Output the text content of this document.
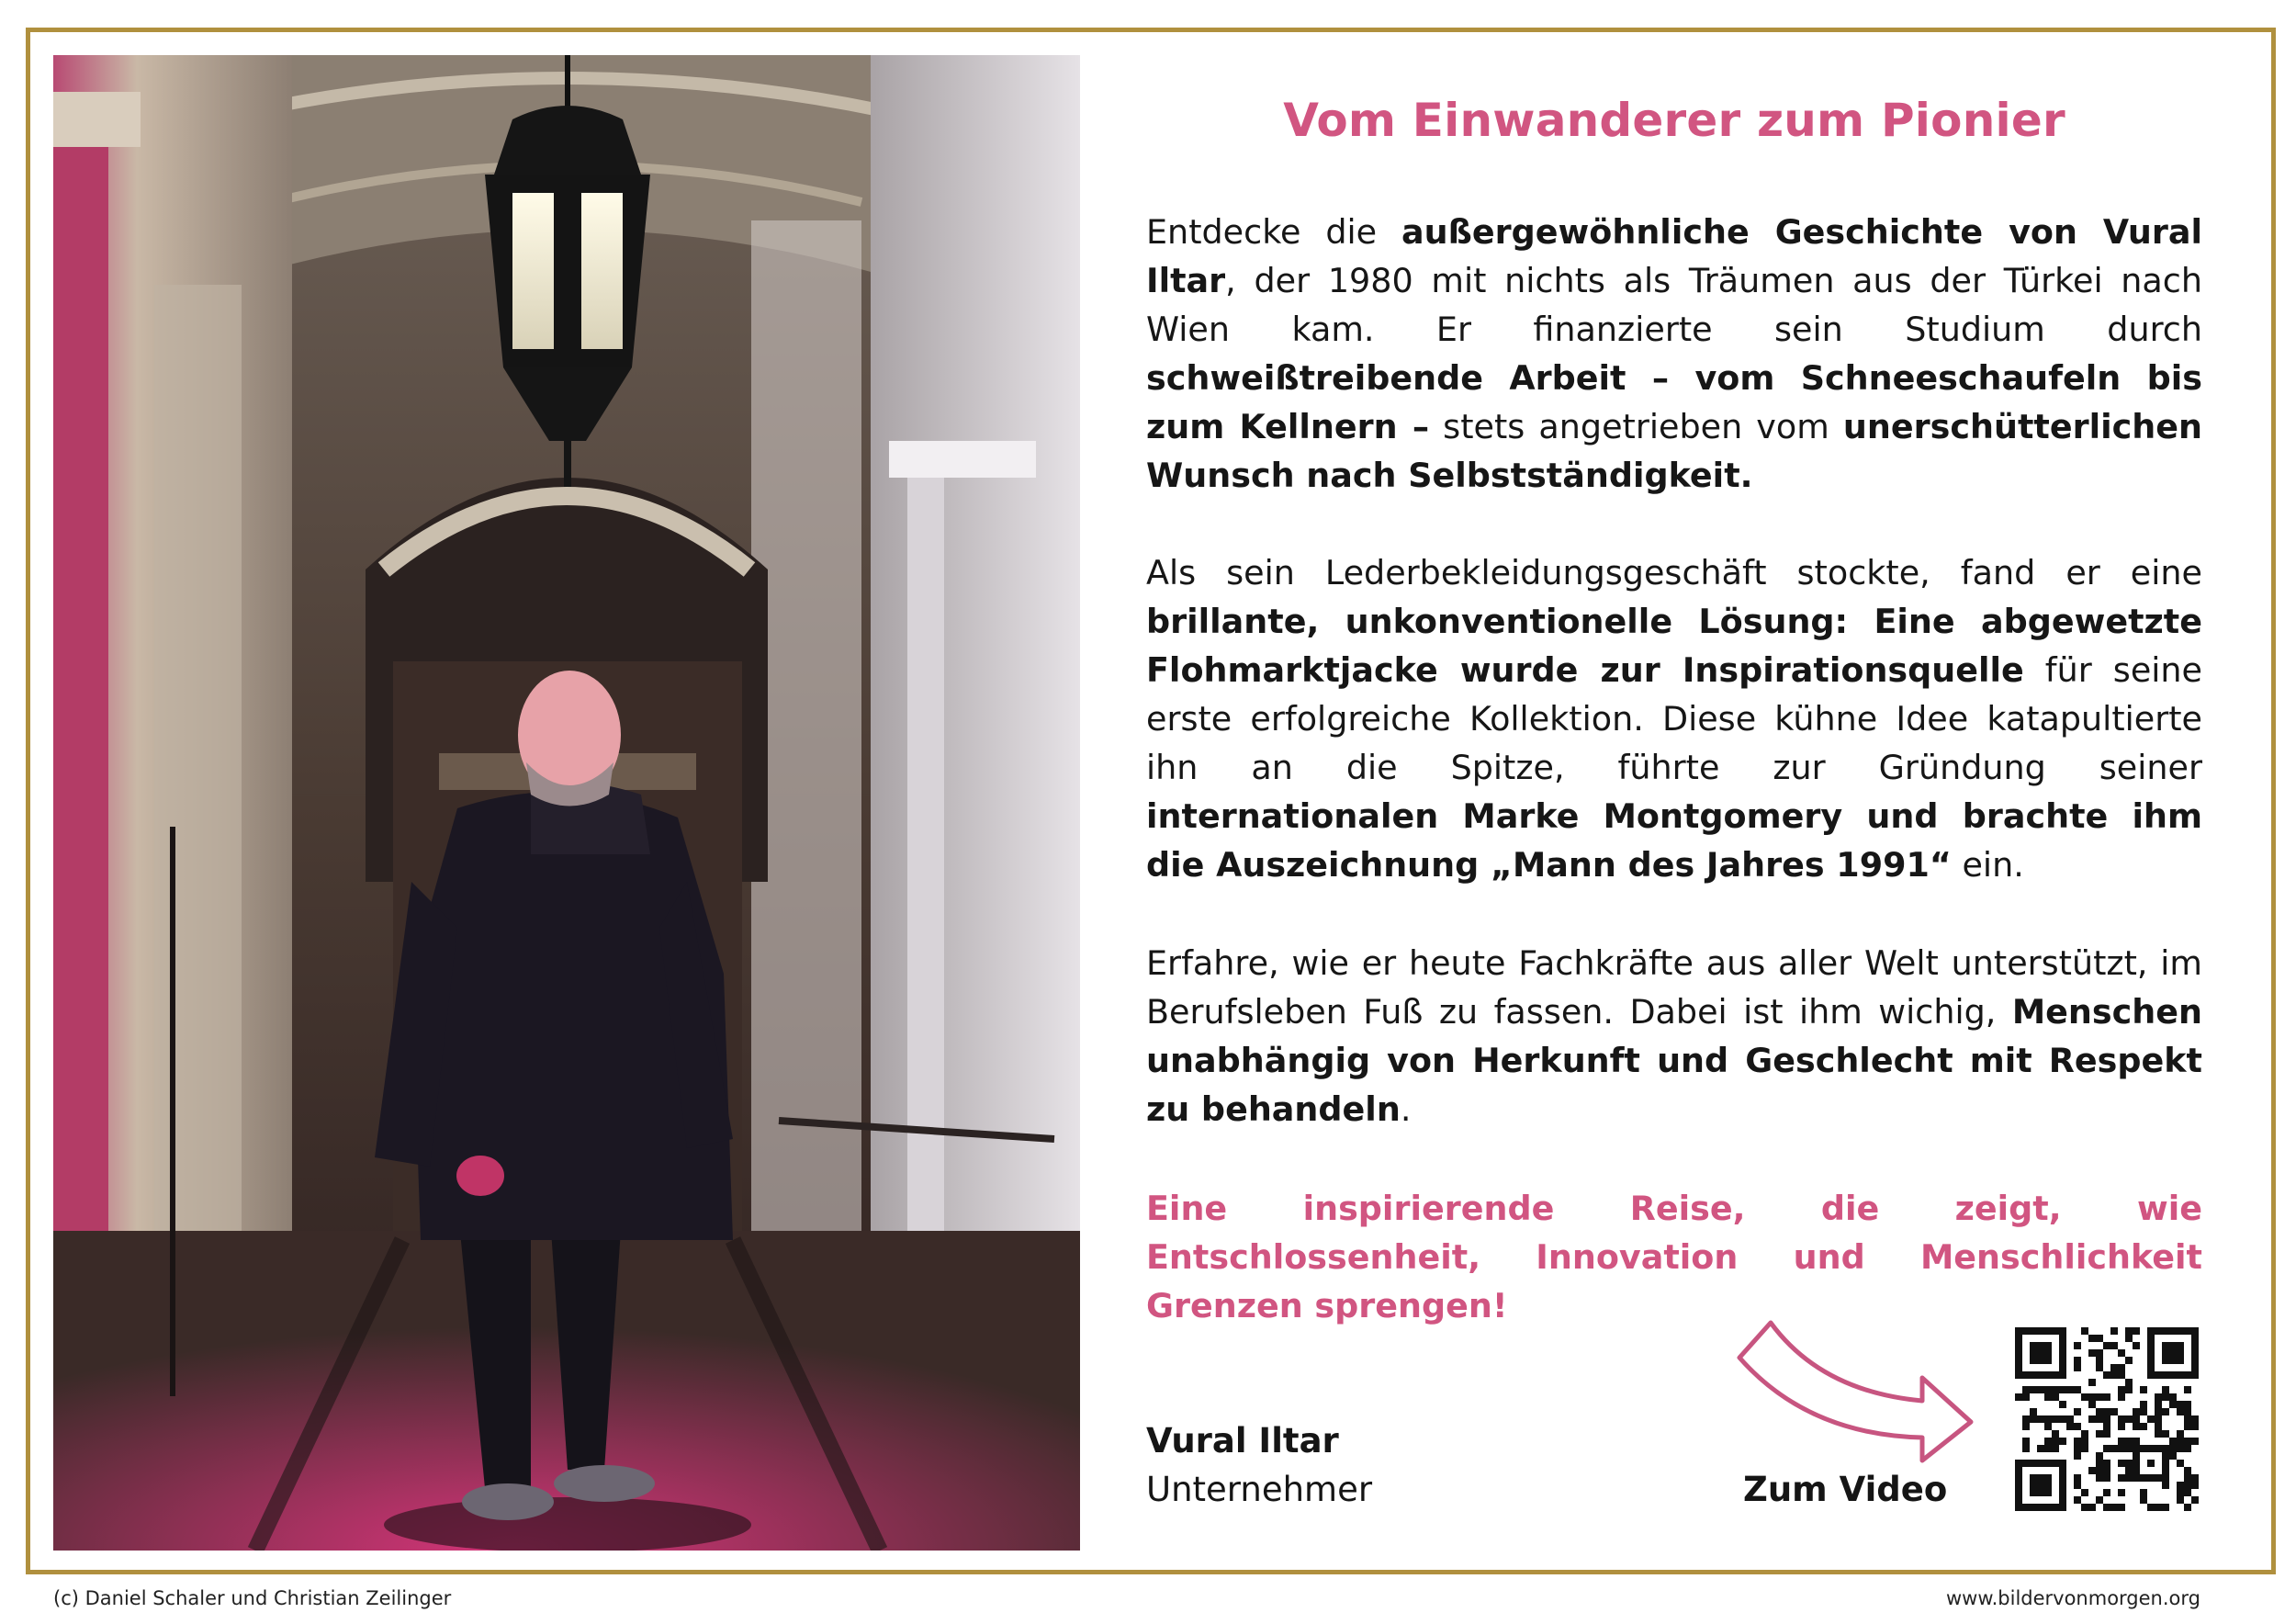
Vom Einwanderer zum Pionier

Entdecke die außergewöhnliche Geschichte von Vural Iltar, der 1980 mit nichts als Träumen aus der Türkei nach Wien kam. Er finanzierte sein Studium durch schweißtreibende Arbeit – vom Schneeschaufeln bis zum Kellnern – stets angetrieben vom unerschütterlichen Wunsch nach Selbstständigkeit.

Als sein Lederbekleidungsgeschäft stockte, fand er eine brillante, unkonventionelle Lösung: Eine abgewetzte Flohmarktjacke wurde zur Inspirationsquelle für seine erste erfolgreiche Kollektion. Diese kühne Idee katapultierte ihn an die Spitze, führte zur Gründung seiner internationalen Marke Montgomery und brachte ihm die Auszeichnung „Mann des Jahres 1991“ ein.

Erfahre, wie er heute Fachkräfte aus aller Welt unterstützt, im Berufsleben Fuß zu fassen. Dabei ist ihm wichig, Menschen unabhängig von Herkunft und Geschlecht mit Respekt zu behandeln.

Eine inspirierende Reise, die zeigt, wie Entschlossenheit, Innovation und Menschlichkeit Grenzen sprengen!

Vural Iltar
Unternehmer	Zum Video
(c) Daniel Schaler und Christian Zeilinger	www.bildervonmorgen.org
